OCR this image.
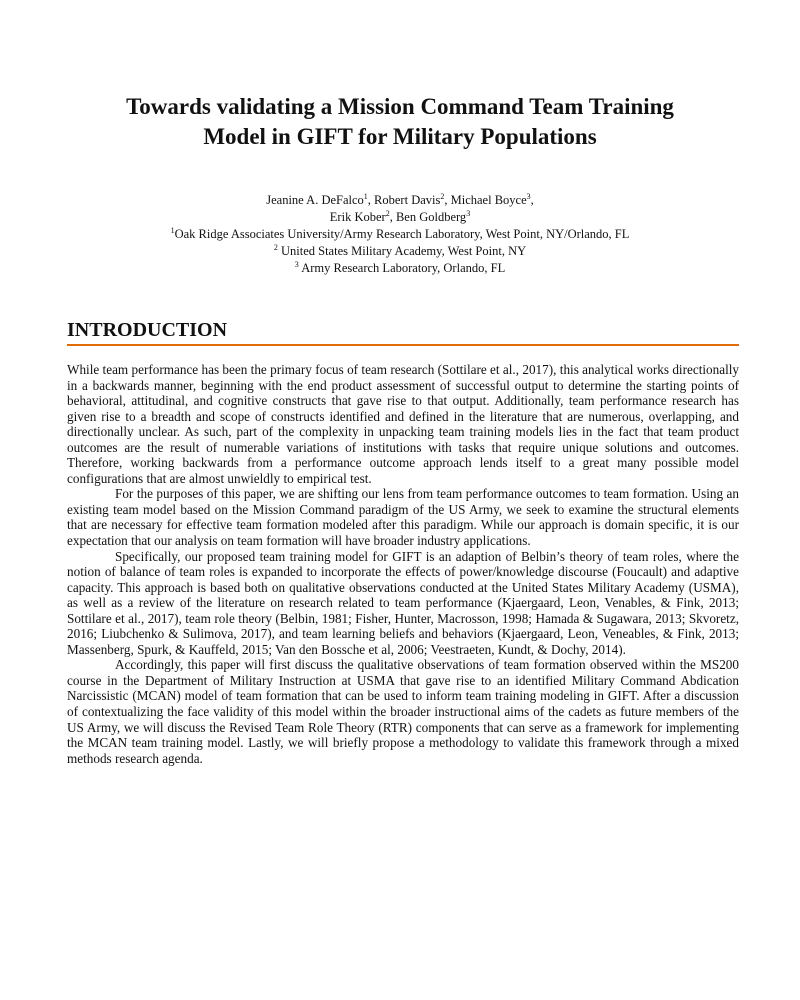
Towards validating a Mission Command Team Training
Model in GIFT for Military Populations
Jeanine A. DeFalco$^1$, Robert Davis$^2$, Michael Boyce$^3$,
Erik Kober$^2$, Ben Goldberg$^3$
$^1$Oak Ridge Associates University/Army Research Laboratory, West Point, NY/Orlando, FL
$^2$ United States Military Academy, West Point, NY
$^3$ Army Research Laboratory, Orlando, FL
INTRODUCTION

While team performance has been the primary focus of team research (Sottilare et al., 2017), this analytical works directionally in a backwards manner, beginning with the end product assessment of successful output to determine the starting points of behavioral, attitudinal, and cognitive constructs that gave rise to that output. Additionally, team performance research has given rise to a breadth and scope of constructs identified and defined in the literature that are numerous, overlapping, and directionally unclear. As such, part of the complexity in unpacking team training models lies in the fact that team product outcomes are the result of numerable variations of institutions with tasks that require unique solutions and outcomes. Therefore, working backwards from a performance outcome approach lends itself to a great many possible model configurations that are almost unwieldly to empirical test.

For the purposes of this paper, we are shifting our lens from team performance outcomes to team formation. Using an existing team model based on the Mission Command paradigm of the US Army, we seek to examine the structural elements that are necessary for effective team formation modeled after this paradigm. While our approach is domain specific, it is our expectation that our analysis on team formation will have broader industry applications.

Specifically, our proposed team training model for GIFT is an adaption of Belbin’s theory of team roles, where the notion of balance of team roles is expanded to incorporate the effects of power/knowledge discourse (Foucault) and adaptive capacity. This approach is based both on qualitative observations conducted at the United States Military Academy (USMA), as well as a review of the literature on research related to team performance (Kjaergaard, Leon, Venables, & Fink, 2013; Sottilare et al., 2017), team role theory (Belbin, 1981; Fisher, Hunter, Macrosson, 1998; Hamada & Sugawara, 2013; Skvoretz, 2016; Liubchenko & Sulimova, 2017), and team learning beliefs and behaviors (Kjaergaard, Leon, Veneables, & Fink, 2013; Massenberg, Spurk, & Kauffeld, 2015; Van den Bossche et al, 2006; Veestraeten, Kundt, & Dochy, 2014).

Accordingly, this paper will first discuss the qualitative observations of team formation observed within the MS200 course in the Department of Military Instruction at USMA that gave rise to an identified Military Command Abdication Narcissistic (MCAN) model of team formation that can be used to inform team training modeling in GIFT. After a discussion of contextualizing the face validity of this model within the broader instructional aims of the cadets as future members of the US Army, we will discuss the Revised Team Role Theory (RTR) components that can serve as a framework for implementing the MCAN team training model. Lastly, we will briefly propose a methodology to validate this framework through a mixed methods research agenda.
